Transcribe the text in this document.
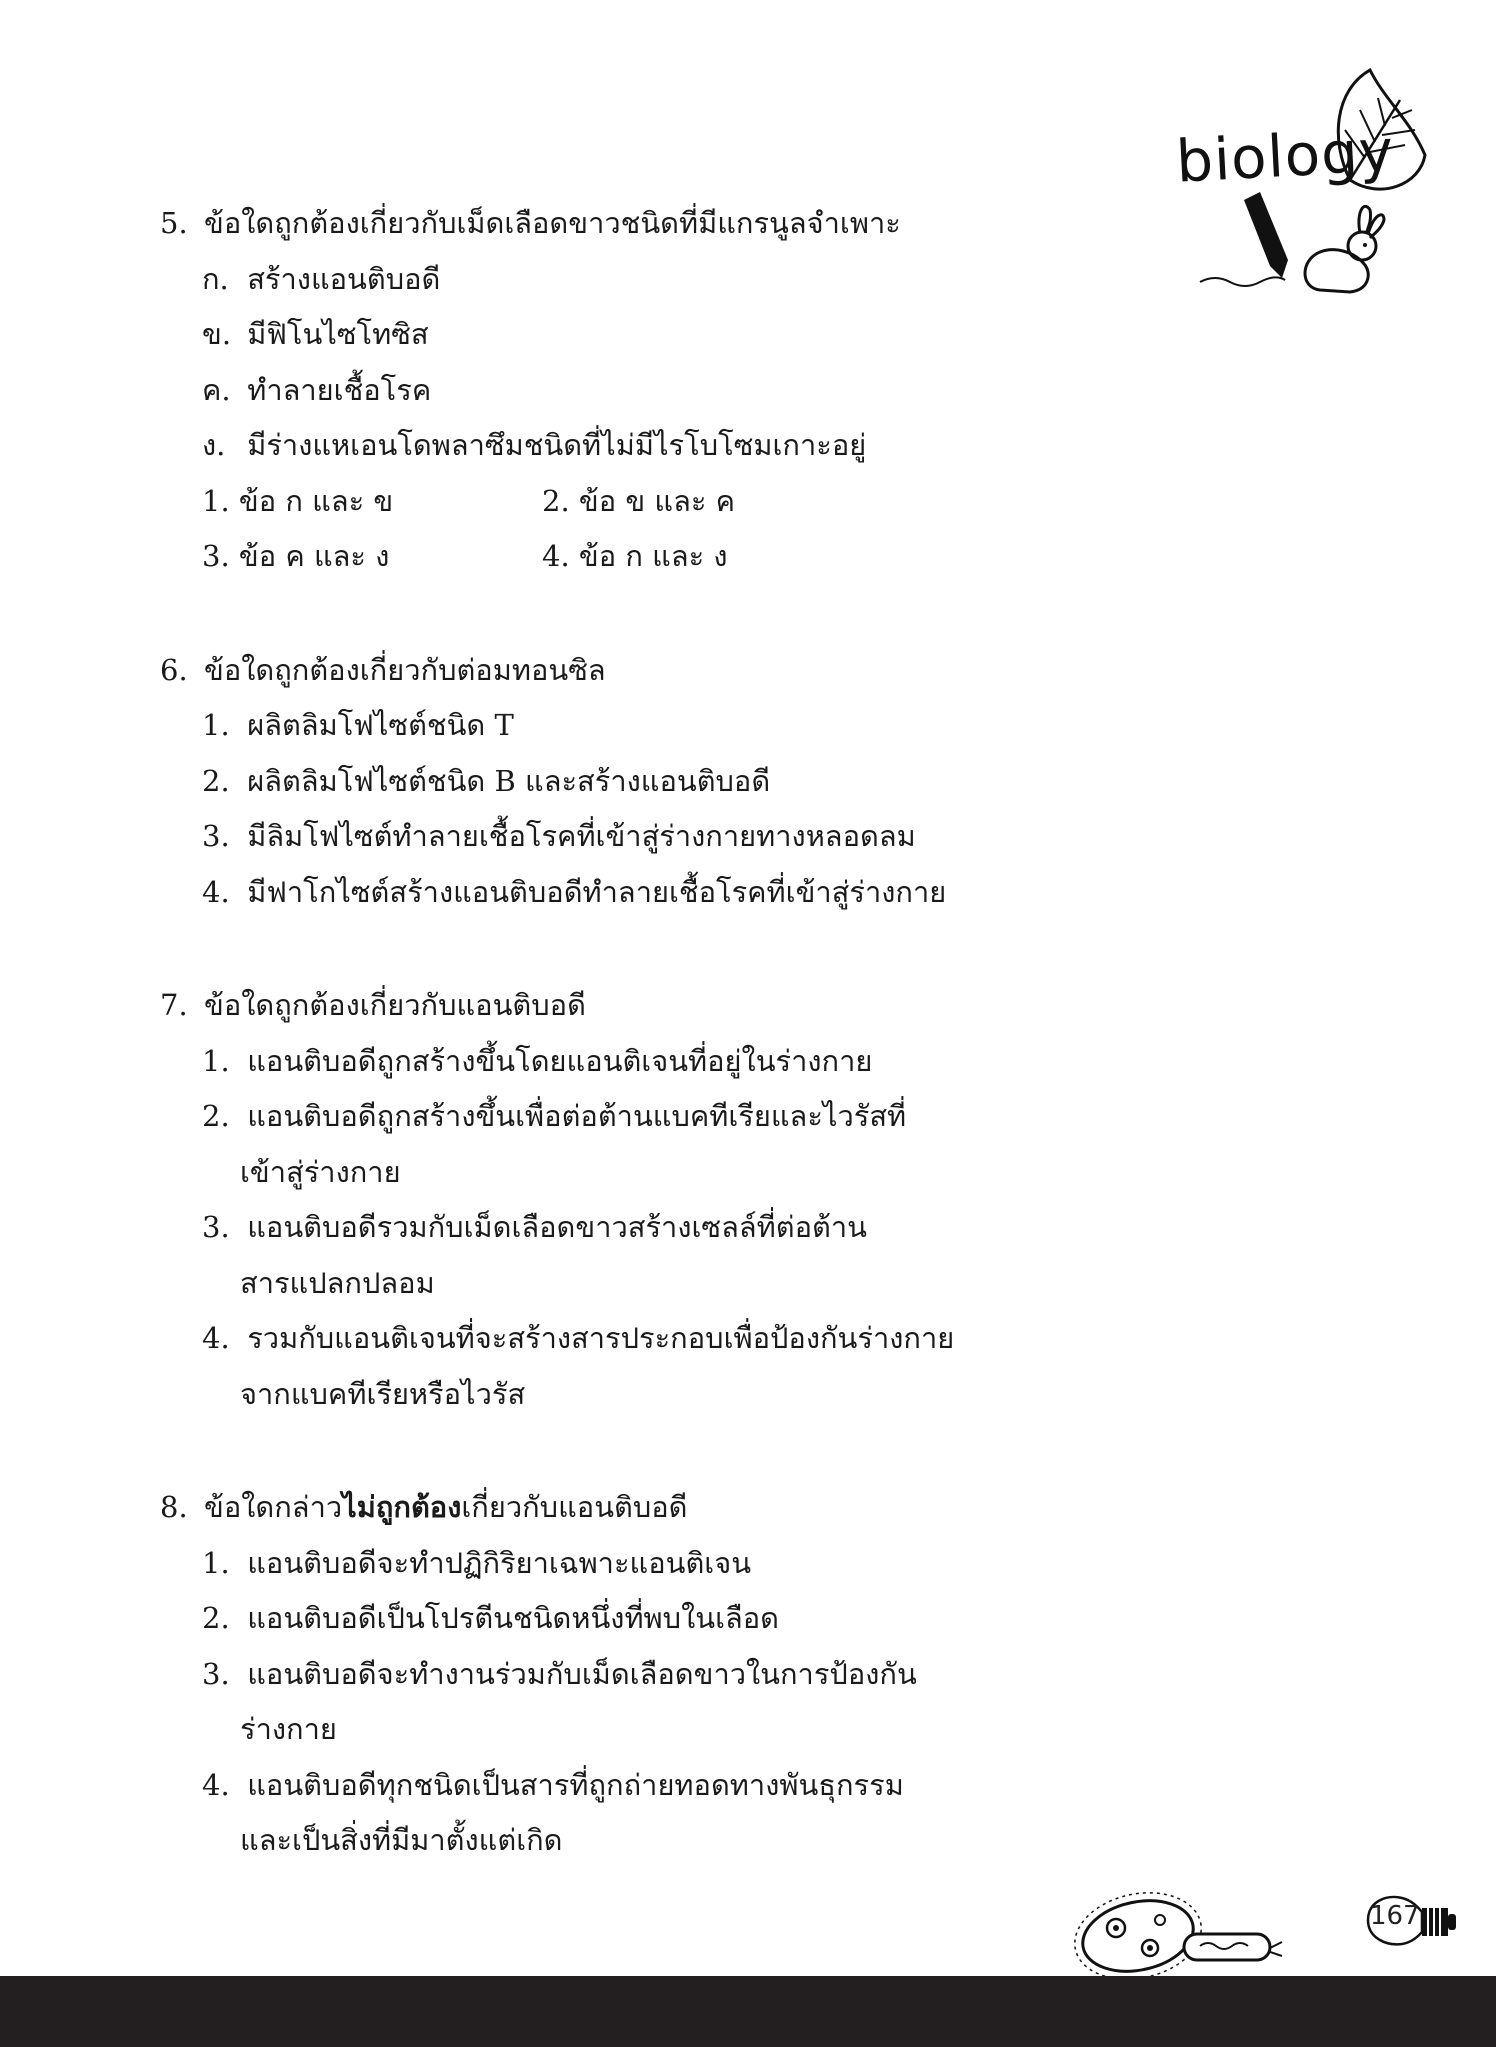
biology
5. ข้อใดถูกต้องเกี่ยวกับเม็ดเลือดขาวชนิดที่มีแกรนูลจำเพาะ
ก. สร้างแอนติบอดี
ข. มีฟิโนไซโทซิส
ค. ทำลายเชื้อโรค
ง. มีร่างแหเอนโดพลาซึมชนิดที่ไม่มีไรโบโซมเกาะอยู่
1. ข้อ ก และ ข	2. ข้อ ข และ ค
3. ข้อ ค และ ง	4. ข้อ ก และ ง
6. ข้อใดถูกต้องเกี่ยวกับต่อมทอนซิล
1. ผลิตลิมโฟไซต์ชนิด T
2. ผลิตลิมโฟไซต์ชนิด B และสร้างแอนติบอดี
3. มีลิมโฟไซต์ทำลายเชื้อโรคที่เข้าสู่ร่างกายทางหลอดลม
4. มีฟาโกไซต์สร้างแอนติบอดีทำลายเชื้อโรคที่เข้าสู่ร่างกาย
7. ข้อใดถูกต้องเกี่ยวกับแอนติบอดี
1. แอนติบอดีถูกสร้างขึ้นโดยแอนติเจนที่อยู่ในร่างกาย
2. แอนติบอดีถูกสร้างขึ้นเพื่อต่อต้านแบคทีเรียและไวรัสที่
เข้าสู่ร่างกาย
3. แอนติบอดีรวมกับเม็ดเลือดขาวสร้างเซลล์ที่ต่อต้าน
สารแปลกปลอม
4. รวมกับแอนติเจนที่จะสร้างสารประกอบเพื่อป้องกันร่างกาย
จากแบคทีเรียหรือไวรัส
8. ข้อใดกล่าวไม่ถูกต้องเกี่ยวกับแอนติบอดี
1. แอนติบอดีจะทำปฏิกิริยาเฉพาะแอนติเจน
2. แอนติบอดีเป็นโปรตีนชนิดหนึ่งที่พบในเลือด
3. แอนติบอดีจะทำงานร่วมกับเม็ดเลือดขาวในการป้องกัน
ร่างกาย
4. แอนติบอดีทุกชนิดเป็นสารที่ถูกถ่ายทอดทางพันธุกรรม
และเป็นสิ่งที่มีมาตั้งแต่เกิด
167
